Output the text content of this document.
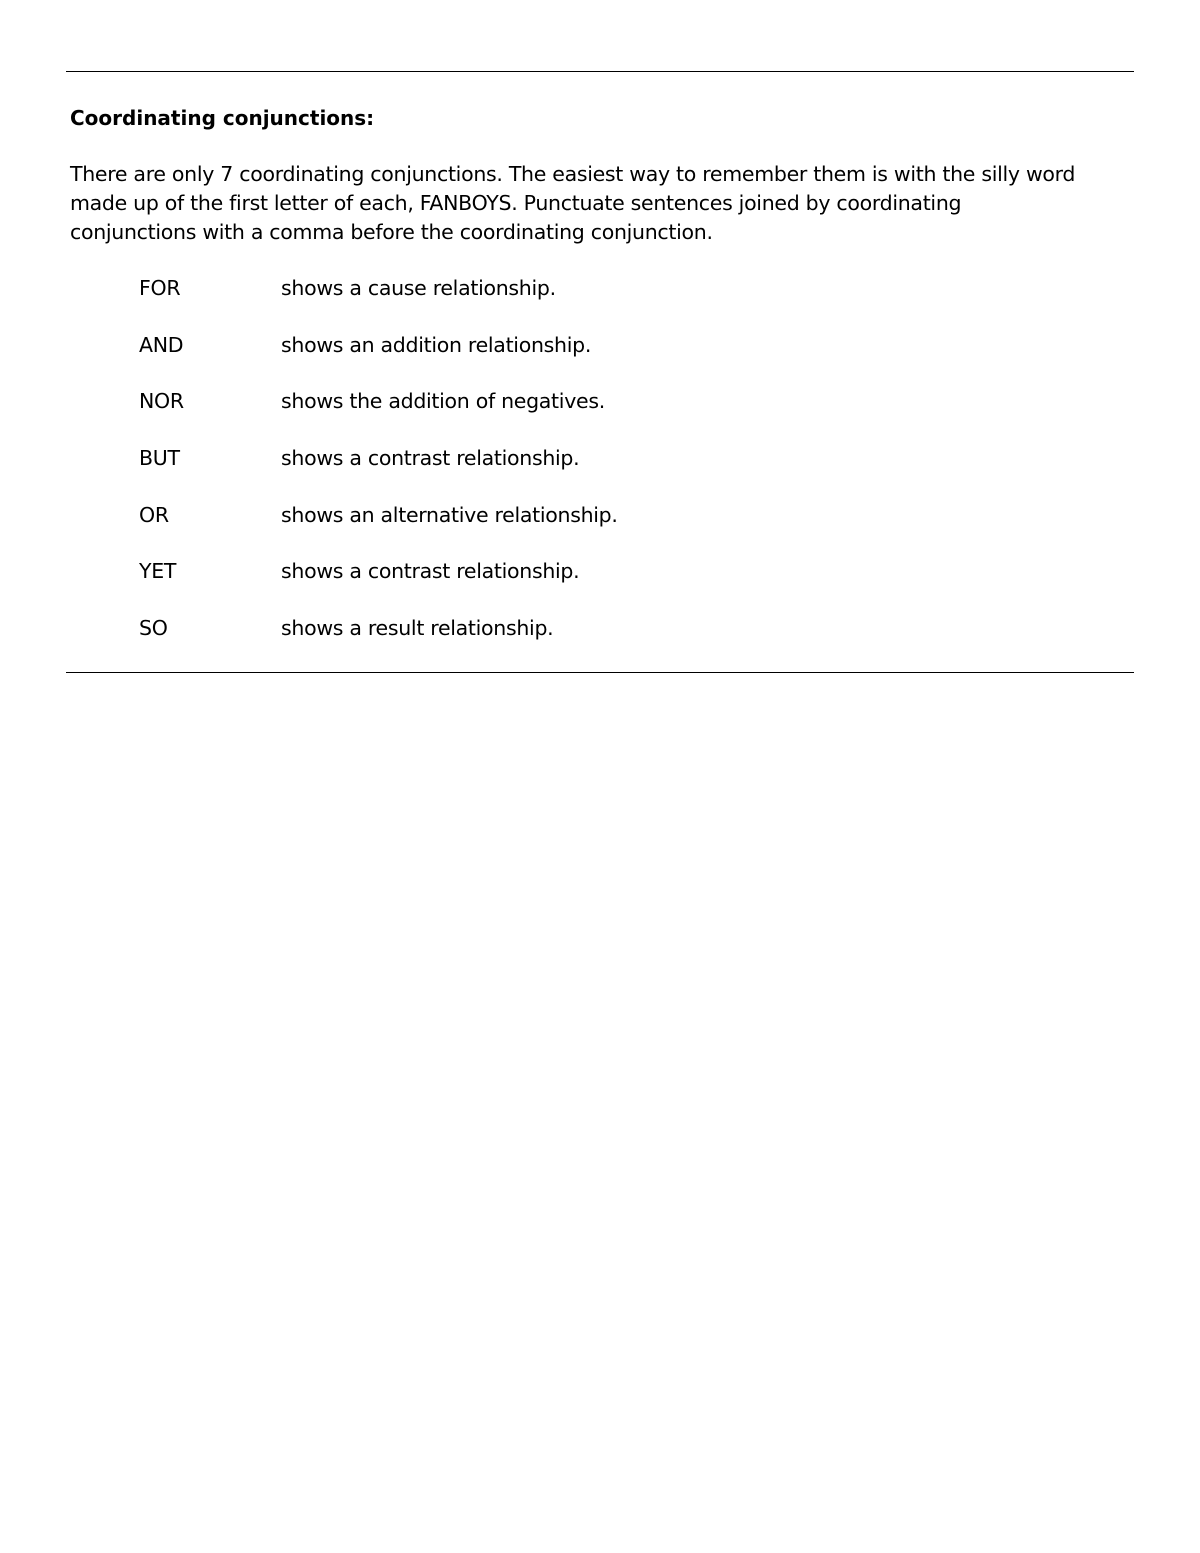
Coordinating conjunctions:
There are only 7 coordinating conjunctions. The easiest way to remember them is with the silly word
made up of the first letter of each, FANBOYS. Punctuate sentences joined by coordinating
conjunctions with a comma before the coordinating conjunction.
FOR	shows a cause relationship.
AND	shows an addition relationship.
NOR	shows the addition of negatives.
BUT	shows a contrast relationship.
OR	shows an alternative relationship.
YET	shows a contrast relationship.
SO	shows a result relationship.
